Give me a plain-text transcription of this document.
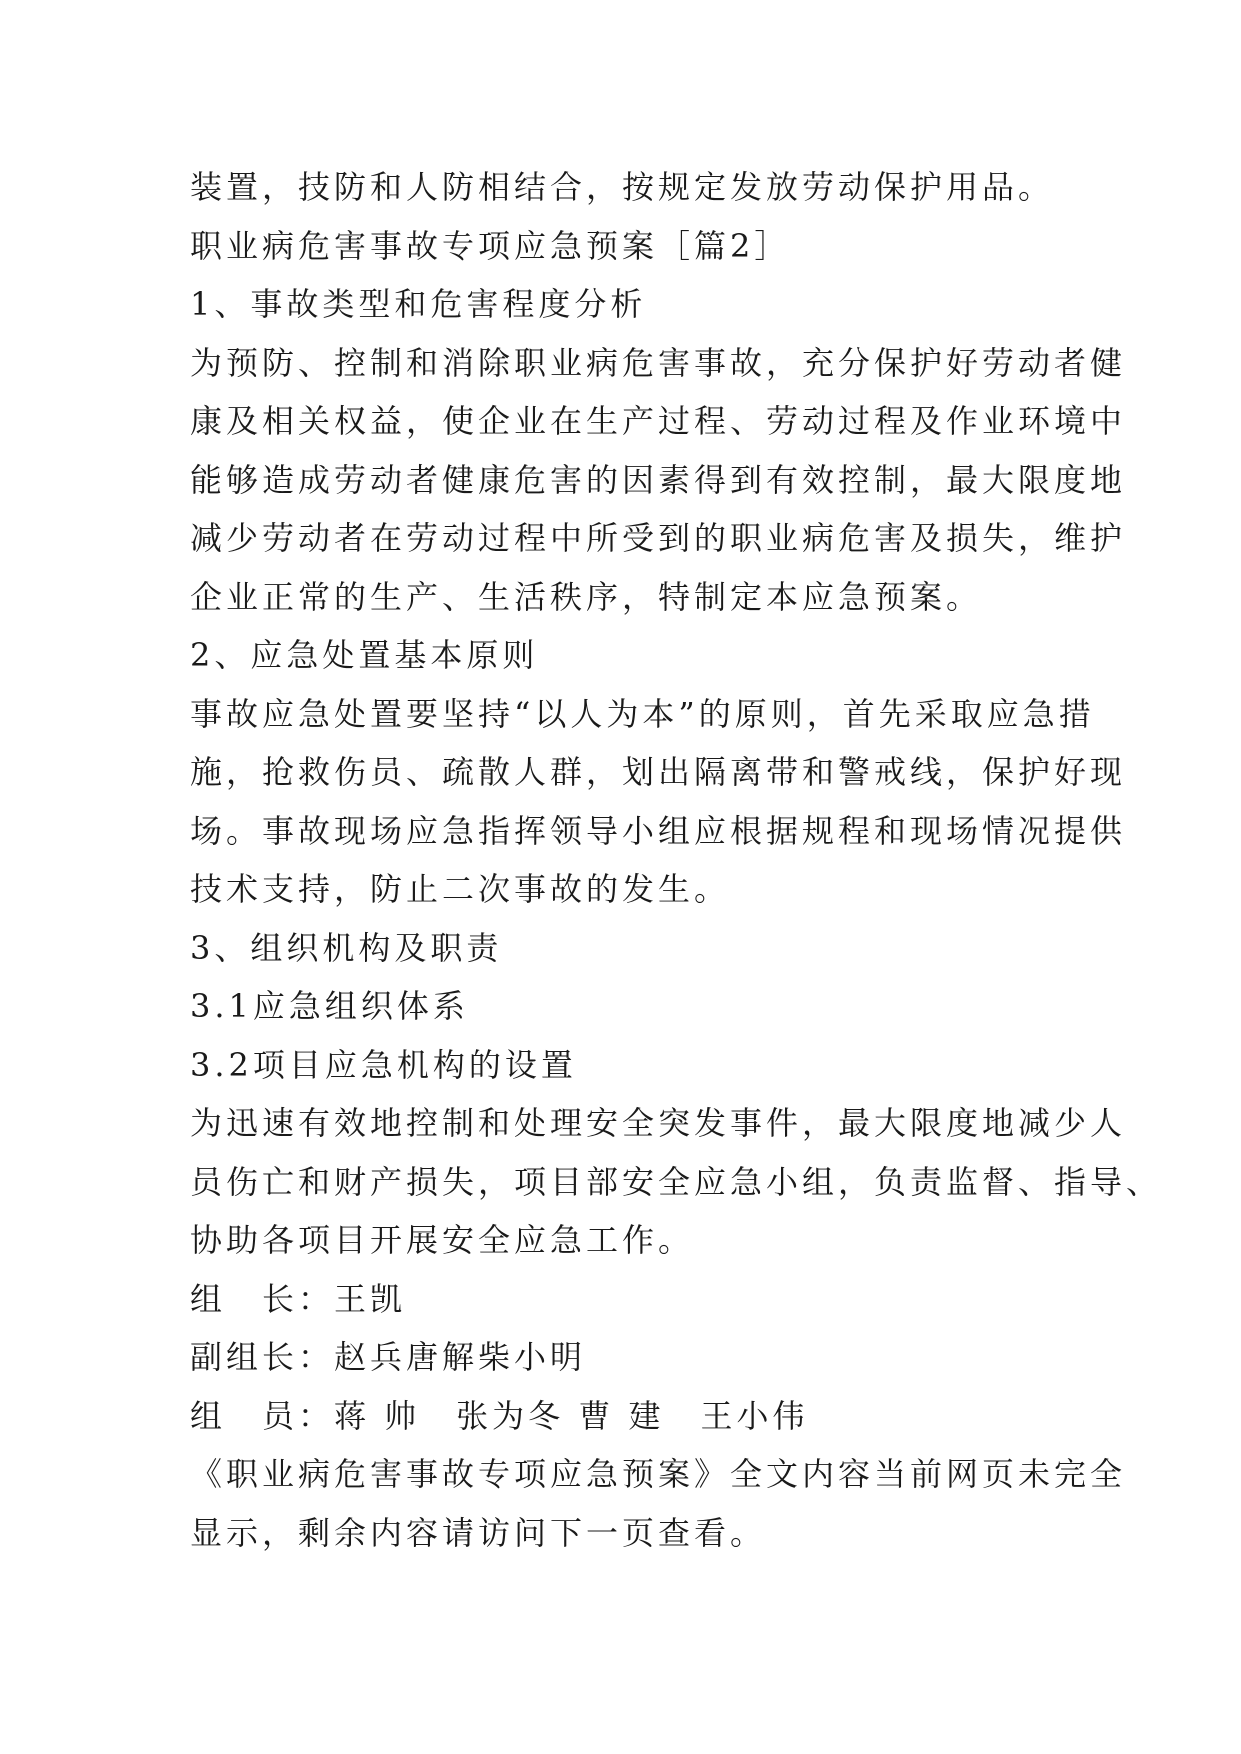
装置，技防和人防相结合，按规定发放劳动保护用品。

职业病危害事故专项应急预案［篇2］

1、事故类型和危害程度分析

为预防、控制和消除职业病危害事故，充分保护好劳动者健

康及相关权益，使企业在生产过程、劳动过程及作业环境中

能够造成劳动者健康危害的因素得到有效控制，最大限度地

减少劳动者在劳动过程中所受到的职业病危害及损失，维护

企业正常的生产、生活秩序，特制定本应急预案。

2、应急处置基本原则

事故应急处置要坚持“以人为本”的原则，首先采取应急措

施，抢救伤员、疏散人群，划出隔离带和警戒线，保护好现

场。事故现场应急指挥领导小组应根据规程和现场情况提供

技术支持，防止二次事故的发生。

3、组织机构及职责

3.1应急组织体系

3.2项目应急机构的设置

为迅速有效地控制和处理安全突发事件，最大限度地减少人

员伤亡和财产损失，项目部安全应急小组，负责监督、指导、

协助各项目开展安全应急工作。

组　长：王凯

副组长：赵兵唐解柴小明

组　员：蒋 帅　张为冬 曹 建　王小伟

《职业病危害事故专项应急预案》全文内容当前网页未完全

显示，剩余内容请访问下一页查看。
